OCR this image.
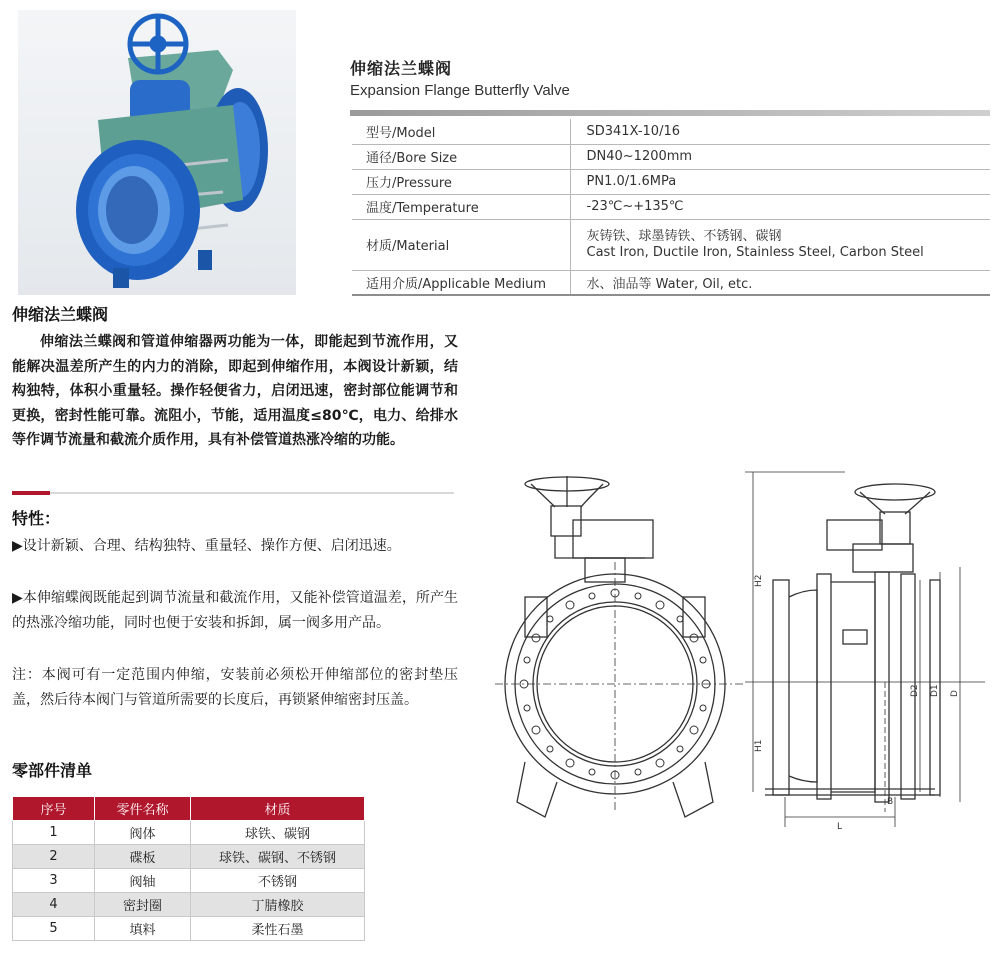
伸缩法兰蝶阀
Expansion Flange Butterfly Valve
型号/Model	SD341X-10/16
通径/Bore Size	DN40~1200mm
压力/Pressure	PN1.0/1.6MPa
温度/Temperature	-23℃~+135℃
材质/Material	灰铸铁、球墨铸铁、不锈钢、碳钢
Cast Iron, Ductile Iron, Stainless Steel, Carbon Steel

适用介质/Applicable Medium	水、油品等 Water, Oil, etc.
伸缩法兰蝶阀
伸缩法兰蝶阀和管道伸缩器两功能为一体，即能起到节流作用，又能解决温差所产生的内力的消除，即起到伸缩作用，本阀设计新颖，结构独特，体积小重量轻。操作轻便省力，启闭迅速，密封部位能调节和更换，密封性能可靠。流阻小，节能，适用温度≤80℃，电力、给排水等作调节流量和截流介质作用，具有补偿管道热涨冷缩的功能。
特性：
▶设计新颖、合理、结构独特、重量轻、操作方便、启闭迅速。
▶本伸缩蝶阀既能起到调节流量和截流作用，又能补偿管道温差，所产生的热涨冷缩功能，同时也便于安装和拆卸，属一阀多用产品。
注：本阀可有一定范围内伸缩，安装前必须松开伸缩部位的密封垫压盖，然后待本阀门与管道所需要的长度后，再锁紧伸缩密封压盖。
零部件清单
序号	零件名称	材质
1	阀体	球铁、碳钢
2	碟板	球铁、碳钢、不锈钢
3	阀轴	不锈钢
4	密封圈	丁腈橡胶
5	填料	柔性石墨
H2
H1
D2 D1 D
L
B
